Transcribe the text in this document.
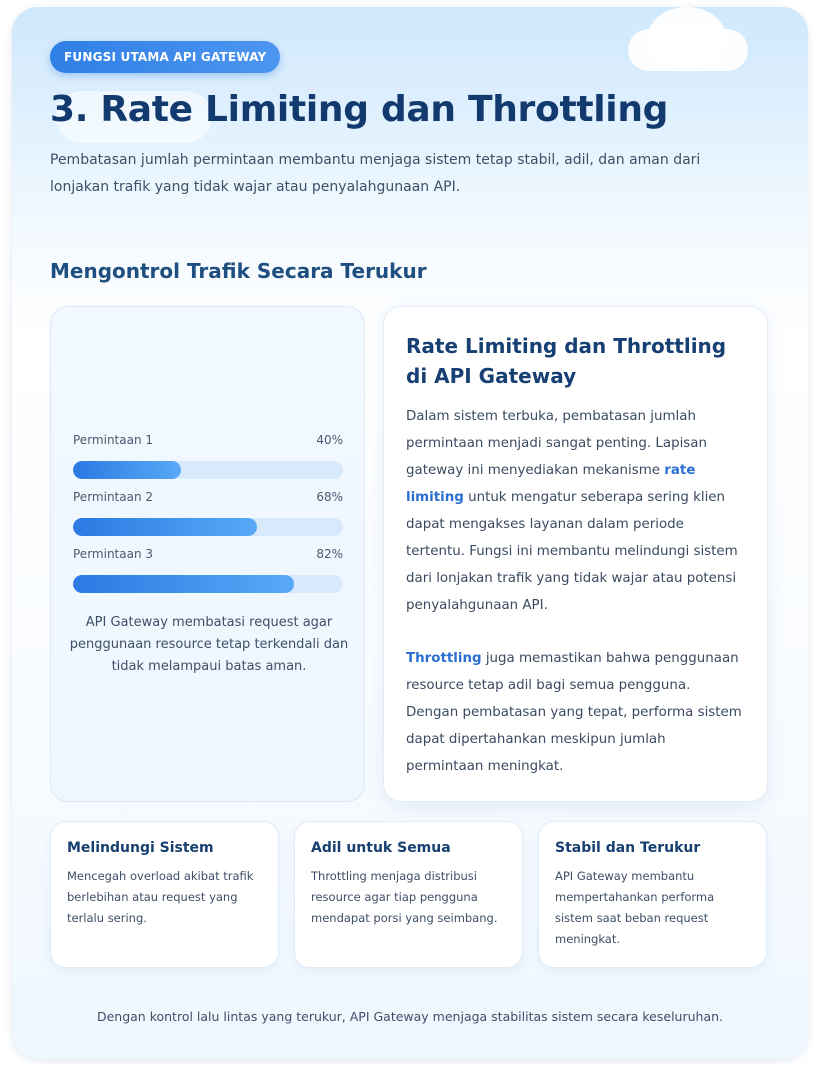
FUNGSI UTAMA API GATEWAY
3. Rate Limiting dan Throttling

Pembatasan jumlah permintaan membantu menjaga sistem tetap stabil, adil, dan aman dari lonjakan trafik yang tidak wajar atau penyalahgunaan API.

Mengontrol Trafik Secara Terukur
Permintaan 1	40%
Permintaan 2	68%
Permintaan 3	82%

API Gateway membatasi request agar penggunaan resource tetap terkendali dan tidak melampaui batas aman.

Rate Limiting dan Throttling di API Gateway

Dalam sistem terbuka, pembatasan jumlah permintaan menjadi sangat penting. Lapisan gateway ini menyediakan mekanisme rate limiting untuk mengatur seberapa sering klien dapat mengakses layanan dalam periode tertentu. Fungsi ini membantu melindungi sistem dari lonjakan trafik yang tidak wajar atau potensi penyalahgunaan API.

Throttling juga memastikan bahwa penggunaan resource tetap adil bagi semua pengguna. Dengan pembatasan yang tepat, performa sistem dapat dipertahankan meskipun jumlah permintaan meningkat.

Melindungi Sistem

Mencegah overload akibat trafik berlebihan atau request yang terlalu sering.

Adil untuk Semua

Throttling menjaga distribusi resource agar tiap pengguna mendapat porsi yang seimbang.

Stabil dan Terukur

API Gateway membantu mempertahankan performa sistem saat beban request meningkat.

Dengan kontrol lalu lintas yang terukur, API Gateway menjaga stabilitas sistem secara keseluruhan.
